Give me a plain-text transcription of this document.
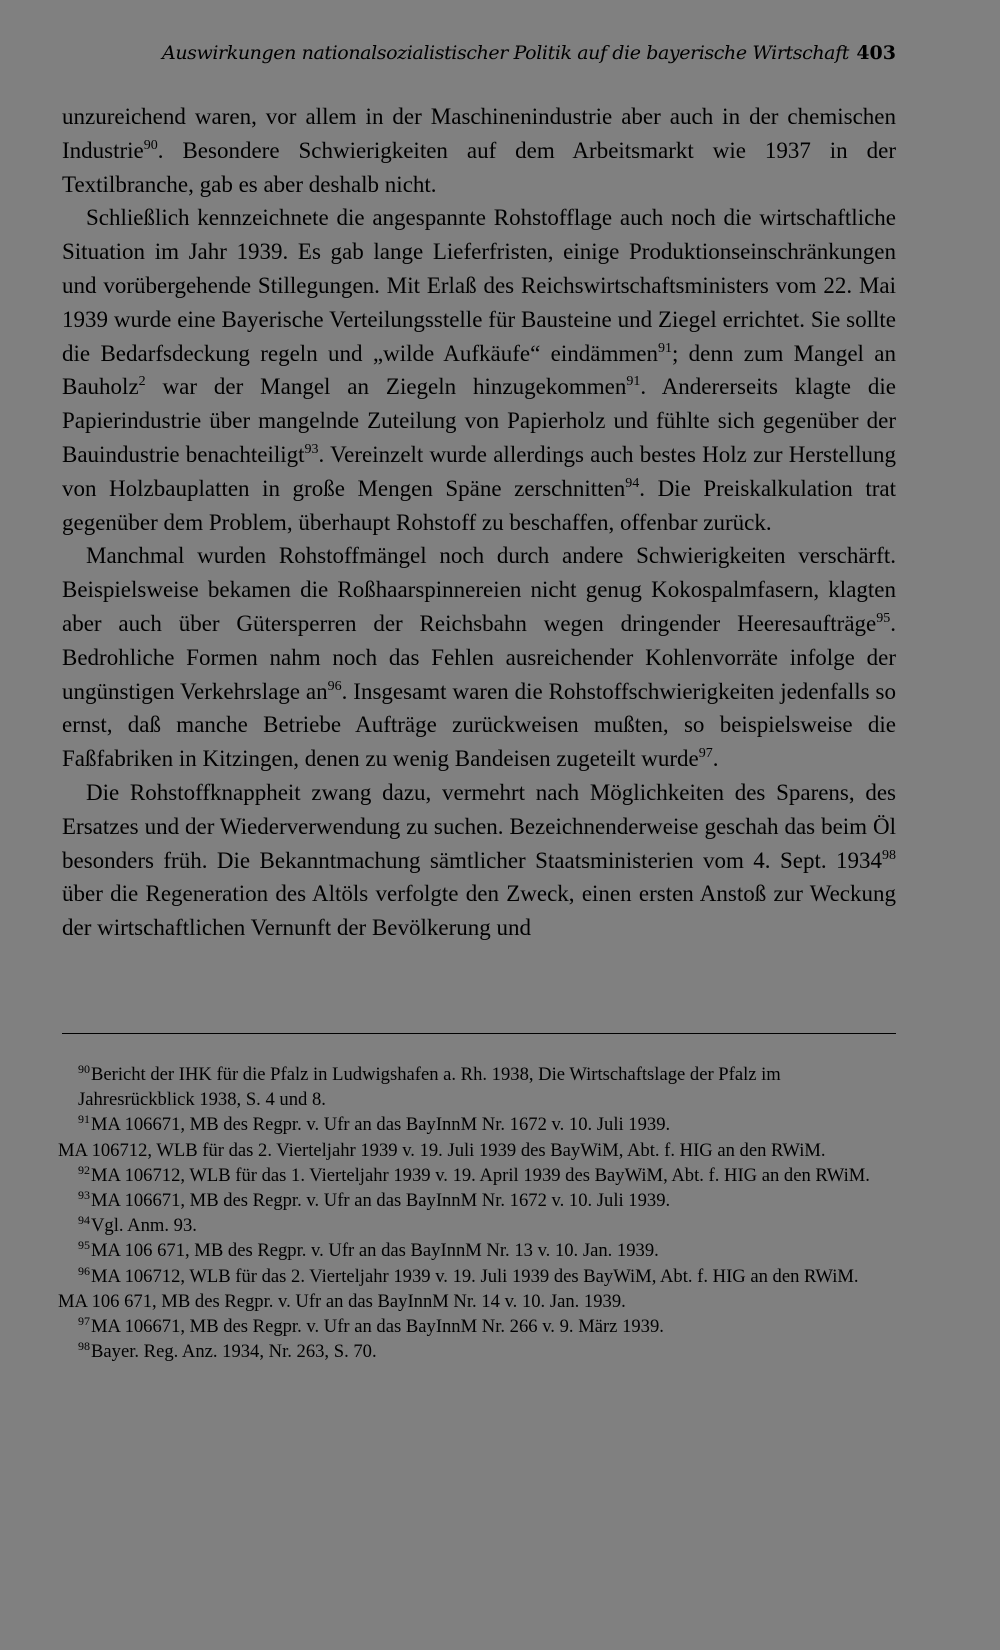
Auswirkungen nationalsozialistischer Politik auf die bayerische Wirtschaft 403

unzureichend waren, vor allem in der Maschinenindustrie aber auch in der chemischen Industrie$^{90}$. Besondere Schwierigkeiten auf dem Arbeitsmarkt wie 1937 in der Textilbranche, gab es aber deshalb nicht.

Schließlich kennzeichnete die angespannte Rohstofflage auch noch die wirtschaftliche Situation im Jahr 1939. Es gab lange Lieferfristen, einige Produktionseinschränkungen und vorübergehende Stillegungen. Mit Erlaß des Reichswirtschaftsministers vom 22. Mai 1939 wurde eine Bayerische Verteilungsstelle für Bausteine und Ziegel errichtet. Sie sollte die Bedarfsdeckung regeln und „wilde Aufkäufe“ eindämmen$^{91}$; denn zum Mangel an Bauholz$^2$ war der Mangel an Ziegeln hinzugekommen$^{91}$. Andererseits klagte die Papierindustrie über mangelnde Zuteilung von Papierholz und fühlte sich gegenüber der Bauindustrie benachteiligt$^{93}$. Vereinzelt wurde allerdings auch bestes Holz zur Herstellung von Holzbauplatten in große Mengen Späne zerschnitten$^{94}$. Die Preiskalkulation trat gegenüber dem Problem, überhaupt Rohstoff zu beschaffen, offenbar zurück.

Manchmal wurden Rohstoffmängel noch durch andere Schwierigkeiten verschärft. Beispielsweise bekamen die Roßhaarspinnereien nicht genug Kokospalmfasern, klagten aber auch über Gütersperren der Reichsbahn wegen dringender Heeresaufträge$^{95}$. Bedrohliche Formen nahm noch das Fehlen ausreichender Kohlenvorräte infolge der ungünstigen Verkehrslage an$^{96}$. Insgesamt waren die Rohstoffschwierigkeiten jedenfalls so ernst, daß manche Betriebe Aufträge zurückweisen mußten, so beispielsweise die Faßfabriken in Kitzingen, denen zu wenig Bandeisen zugeteilt wurde$^{97}$.

Die Rohstoffknappheit zwang dazu, vermehrt nach Möglichkeiten des Sparens, des Ersatzes und der Wiederverwendung zu suchen. Bezeichnenderweise geschah das beim Öl besonders früh. Die Bekanntmachung sämtlicher Staatsministerien vom 4. Sept. 1934$^{98}$ über die Regeneration des Altöls verfolgte den Zweck, einen ersten Anstoß zur Weckung der wirtschaftlichen Vernunft der Bevölkerung und

$^{90}$Bericht der IHK für die Pfalz in Ludwigshafen a. Rh. 1938, Die Wirtschaftslage der Pfalz im Jahresrückblick 1938, S. 4 und 8.
$^{91}$MA 106671, MB des Regpr. v. Ufr an das BayInnM Nr. 1672 v. 10. Juli 1939.
MA 106712, WLB für das 2. Vierteljahr 1939 v. 19. Juli 1939 des BayWiM, Abt. f. HIG an den RWiM.
$^{92}$MA 106712, WLB für das 1. Vierteljahr 1939 v. 19. April 1939 des BayWiM, Abt. f. HIG an den RWiM.
$^{93}$MA 106671, MB des Regpr. v. Ufr an das BayInnM Nr. 1672 v. 10. Juli 1939.
$^{94}$Vgl. Anm. 93.
$^{95}$MA 106 671, MB des Regpr. v. Ufr an das BayInnM Nr. 13 v. 10. Jan. 1939.
$^{96}$MA 106712, WLB für das 2. Vierteljahr 1939 v. 19. Juli 1939 des BayWiM, Abt. f. HIG an den RWiM.
MA 106 671, MB des Regpr. v. Ufr an das BayInnM Nr. 14 v. 10. Jan. 1939.
$^{97}$MA 106671, MB des Regpr. v. Ufr an das BayInnM Nr. 266 v. 9. März 1939.
$^{98}$Bayer. Reg. Anz. 1934, Nr. 263, S. 70.
